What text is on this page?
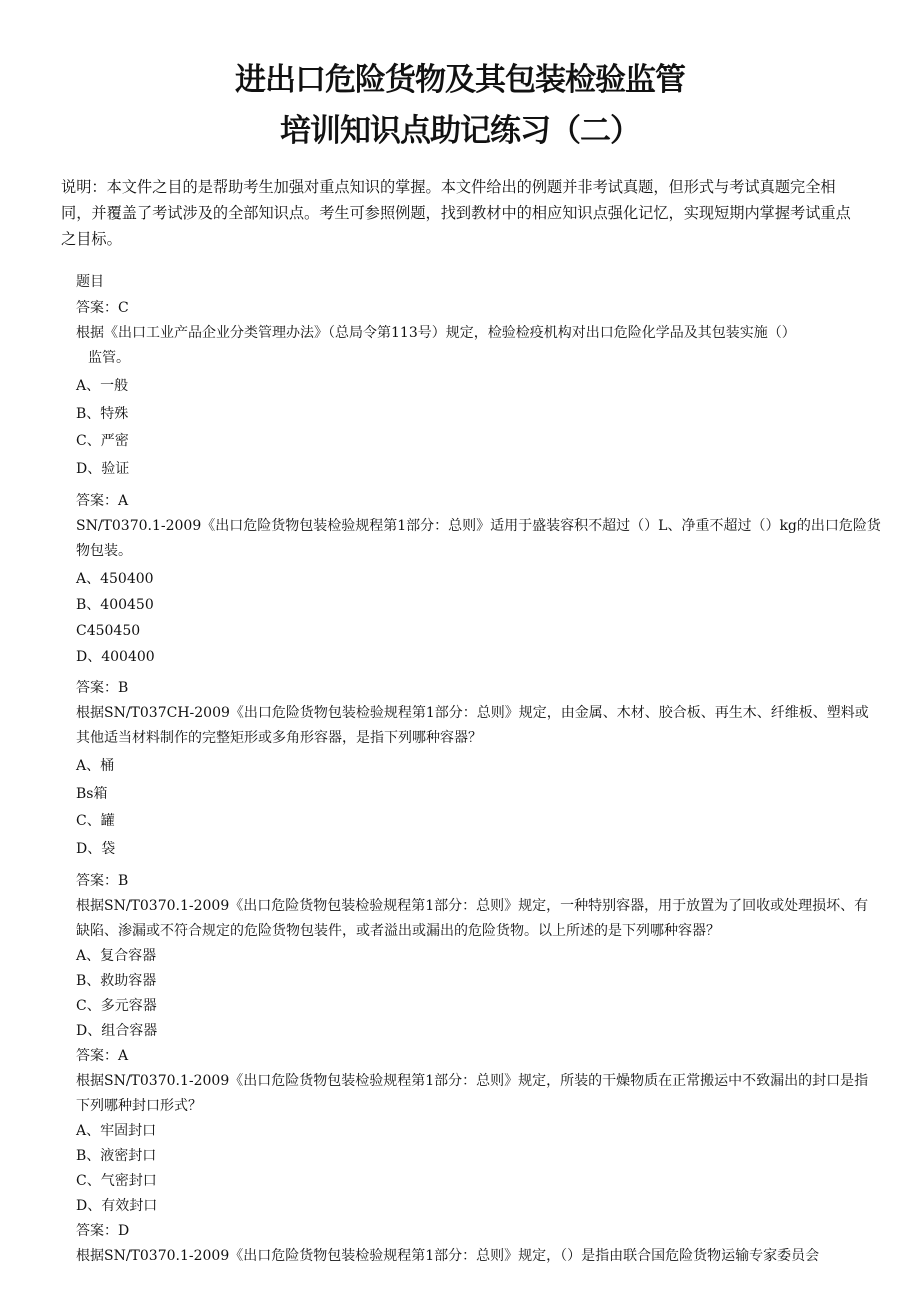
进出口危险货物及其包装检验监管
培训知识点助记练习（二）
说明：本文件之目的是帮助考生加强对重点知识的掌握。本文件给出的例题并非考试真题，但形式与考试真题完全相同，并覆盖了考试涉及的全部知识点。考生可参照例题，找到教材中的相应知识点强化记忆，实现短期内掌握考试重点之目标。
题目
答案：C
根据《出口工业产品企业分类管理办法》（总局令第113号）规定，检验检疫机构对出口危险化学品及其包装实施（）
监管。
A、一般
B、特殊
C、严密
D、验证
答案：A
SN/T0370.1-2009《出口危险货物包装检验规程第1部分：总则》适用于盛装容积不超过（）L、净重不超过（）kg的出口危险货物包装。
A、450400
B、400450
C450450
D、400400
答案：B
根据SN/T037CH-2009《出口危险货物包装检验规程第1部分：总则》规定，由金属、木材、胶合板、再生木、纤维板、塑料或其他适当材料制作的完整矩形或多角形容器，是指下列哪种容器？
A、桶
Bs箱
C、罐
D、袋
答案：B
根据SN/T0370.1-2009《出口危险货物包装检验规程第1部分：总则》规定，一种特别容器，用于放置为了回收或处理损坏、有缺陷、渗漏或不符合规定的危险货物包装件，或者溢出或漏出的危险货物。以上所述的是下列哪种容器？
A、复合容器
B、救助容器
C、多元容器
D、组合容器
答案：A
根据SN/T0370.1-2009《出口危险货物包装检验规程第1部分：总则》规定，所装的干燥物质在正常搬运中不致漏出的封口是指下列哪种封口形式？
A、牢固封口
B、液密封口
C、气密封口
D、有效封口
答案：D
根据SN/T0370.1-2009《出口危险货物包装检验规程第1部分：总则》规定，（）是指由联合国危险货物运输专家委员会
